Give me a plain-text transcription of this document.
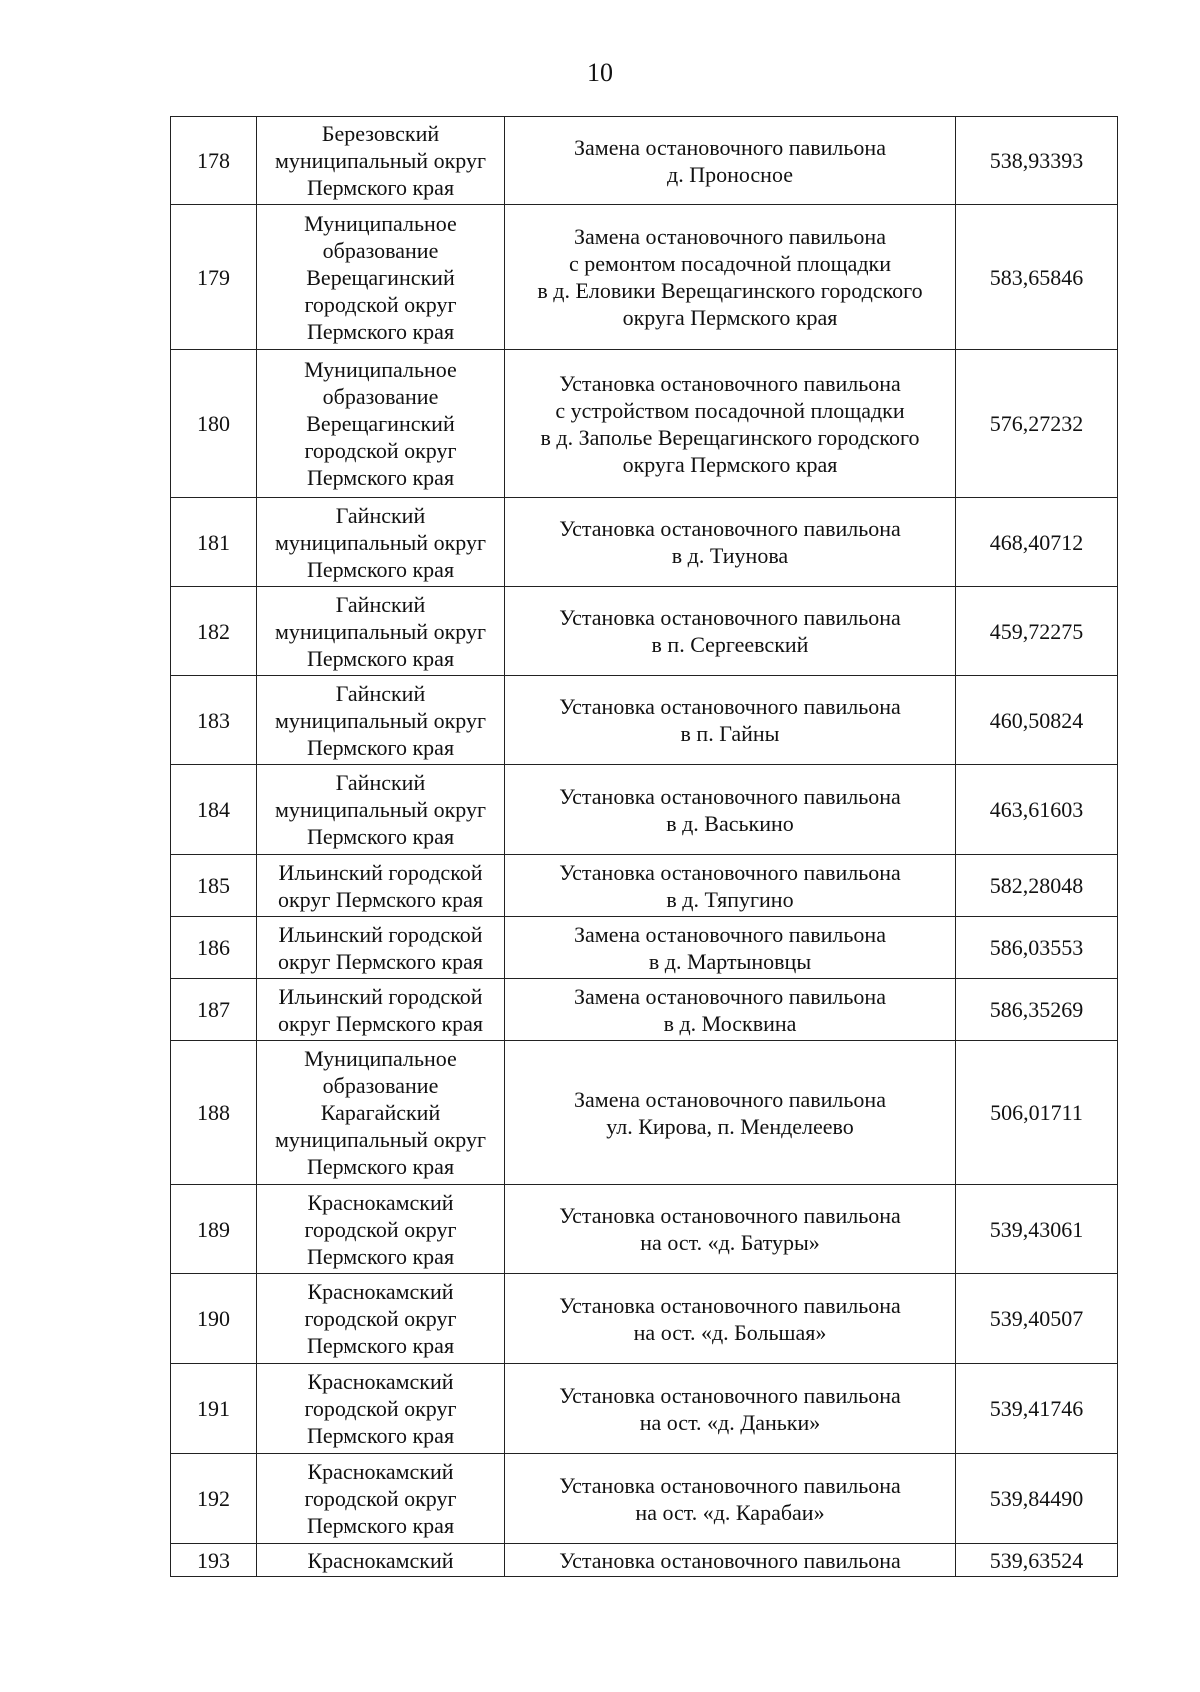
10
178	Березовский
муниципальный округ
Пермского края	Замена остановочного павильона
д. Проносное	538,93393
179	Муниципальное
образование
Верещагинский
городской округ
Пермского края	Замена остановочного павильона
с ремонтом посадочной площадки
в д. Еловики Верещагинского городского
округа Пермского края	583,65846
180	Муниципальное
образование
Верещагинский
городской округ
Пермского края	Установка остановочного павильона
с устройством посадочной площадки
в д. Заполье Верещагинского городского
округа Пермского края	576,27232
181	Гайнский
муниципальный округ
Пермского края	Установка остановочного павильона
в д. Тиунова	468,40712
182	Гайнский
муниципальный округ
Пермского края	Установка остановочного павильона
в п. Сергеевский	459,72275
183	Гайнский
муниципальный округ
Пермского края	Установка остановочного павильона
в п. Гайны	460,50824
184	Гайнский
муниципальный округ
Пермского края	Установка остановочного павильона
в д. Васькино	463,61603
185	Ильинский городской
округ Пермского края	Установка остановочного павильона
в д. Тяпугино	582,28048
186	Ильинский городской
округ Пермского края	Замена остановочного павильона
в д. Мартыновцы	586,03553
187	Ильинский городской
округ Пермского края	Замена остановочного павильона
в д. Москвина	586,35269
188	Муниципальное
образование
Карагайский
муниципальный округ
Пермского края	Замена остановочного павильона
ул. Кирова, п. Менделеево	506,01711
189	Краснокамский
городской округ
Пермского края	Установка остановочного павильона
на ост. «д. Батуры»	539,43061
190	Краснокамский
городской округ
Пермского края	Установка остановочного павильона
на ост. «д. Большая»	539,40507
191	Краснокамский
городской округ
Пермского края	Установка остановочного павильона
на ост. «д. Даньки»	539,41746
192	Краснокамский
городской округ
Пермского края	Установка остановочного павильона
на ост. «д. Карабаи»	539,84490
193	Краснокамский	Установка остановочного павильона	539,63524
